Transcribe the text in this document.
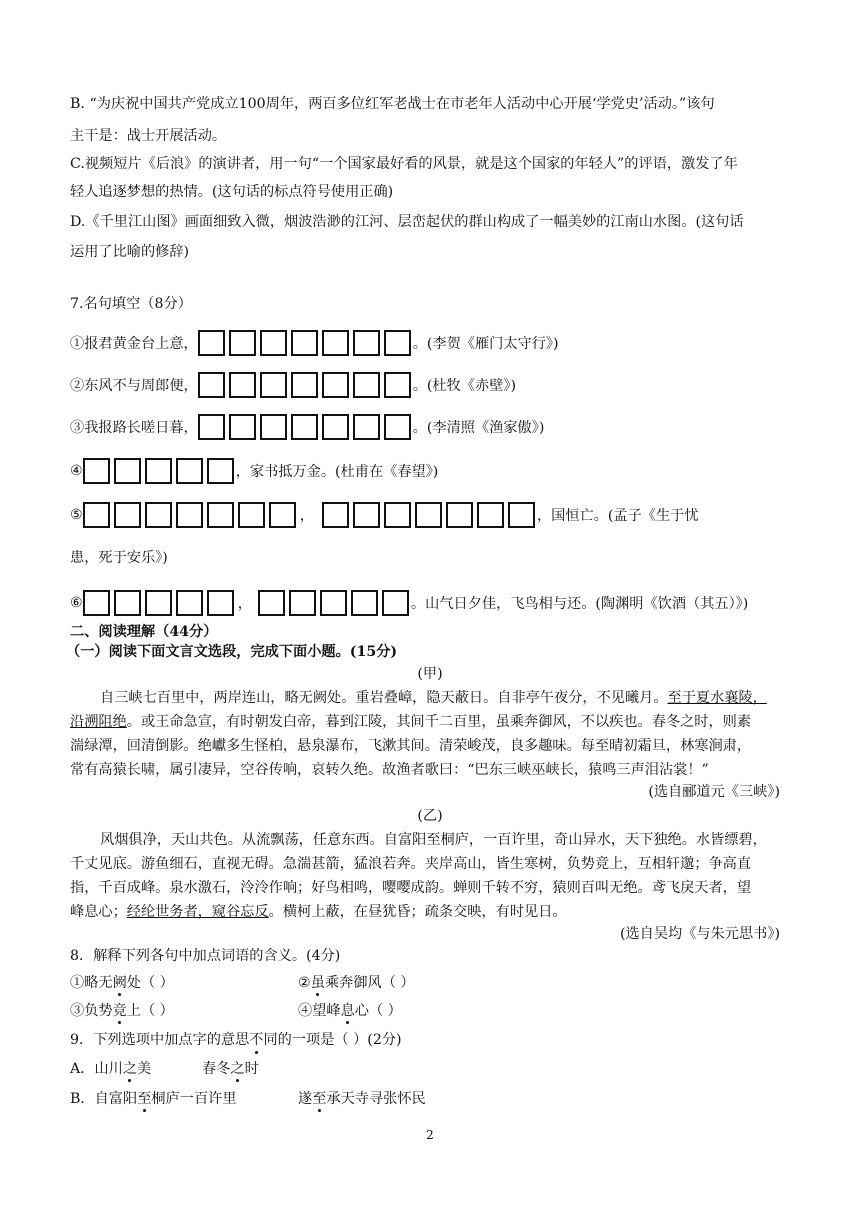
B. “为庆祝中国共产党成立100周年，两百多位红军老战士在市老年人活动中心开展‘学党史’活动。”该句
主干是：战士开展活动。
C.视频短片《后浪》的演讲者，用一句“一个国家最好看的风景，就是这个国家的年轻人”的评语，激发了年
轻人追逐梦想的热情。(这句话的标点符号使用正确)
D.《千里江山图》画面细致入微，烟波浩渺的江河、层峦起伏的群山构成了一幅美妙的江南山水图。(这句话
运用了比喻的修辞)
7.名句填空（8分）
①报君黄金台上意，	。(李贺《雁门太守行》)
②东风不与周郎便，	。(杜牧《赤壁》)
③我报路长嗟日暮，	。(李清照《渔家傲》)
④	，家书抵万金。(杜甫在《春望》)
⑤	，	，国恒亡。(孟子《生于忧
患，死于安乐》)
⑥	，	。山气日夕佳，飞鸟相与还。(陶渊明《饮酒（其五）》)
二、阅读理解（44分）
（一）阅读下面文言文选段，完成下面小题。(15分)
(甲)
自三峡七百里中，两岸连山，略无阙处。重岩叠嶂，隐天蔽日。自非亭午夜分，不见曦月。至于夏水襄陵，
沿溯阻绝。或王命急宣，有时朝发白帝，暮到江陵，其间千二百里，虽乘奔御风，不以疾也。春冬之时，则素
湍绿潭，回清倒影。绝巘多生怪柏，悬泉瀑布，飞漱其间。清荣峻茂，良多趣味。每至晴初霜旦，林寒涧肃，
常有高猿长啸，属引凄异，空谷传响，哀转久绝。故渔者歌曰：“巴东三峡巫峡长，猿鸣三声泪沾裳！”
(选自郦道元《三峡》)
(乙)
风烟俱净，天山共色。从流飘荡，任意东西。自富阳至桐庐，一百许里，奇山异水，天下独绝。水皆缥碧，
千丈见底。游鱼细石，直视无碍。急湍甚箭，猛浪若奔。夹岸高山，皆生寒树，负势竞上，互相轩邈；争高直
指，千百成峰。泉水激石，泠泠作响；好鸟相鸣，嘤嘤成韵。蝉则千转不穷，猿则百叫无绝。鸢飞戾天者，望
峰息心；经纶世务者，窥谷忘反。横柯上蔽，在昼犹昏；疏条交映，有时见日。
(选自吴均《与朱元思书》)
8．解释下列各句中加点词语的含义。(4分)
①略无阙处（ ）	②虽乘奔御风（ ）
③负势竞上（ ）	④望峰息心（ ）
9．下列选项中加点字的意思不同的一项是（ ）(2分)
A．山川之美	春冬之时
B．自富阳至桐庐一百许里	遂至承天寺寻张怀民
2
